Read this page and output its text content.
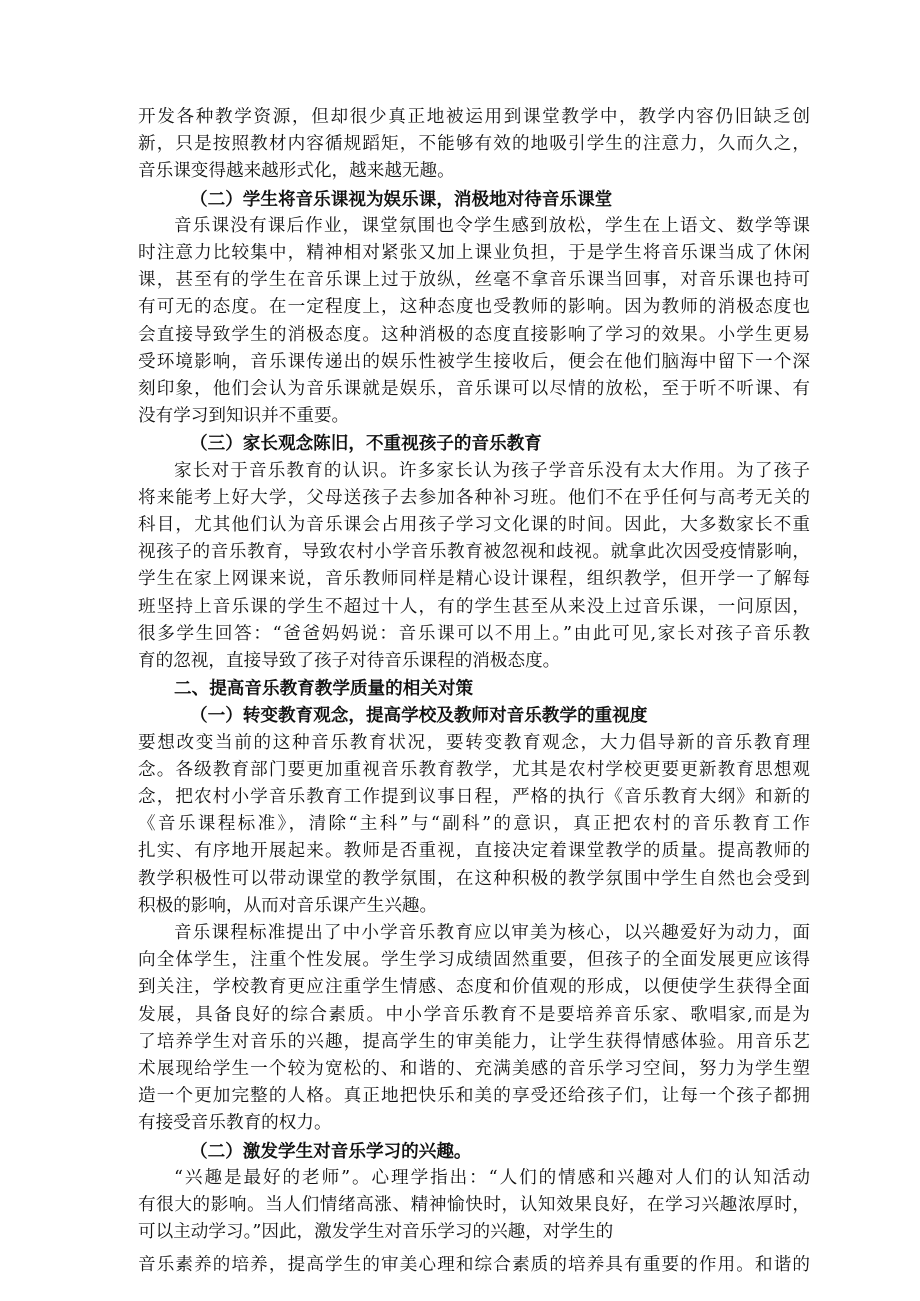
开发各种教学资源，但却很少真正地被运用到课堂教学中，教学内容仍旧缺乏创
新，只是按照教材内容循规蹈矩，不能够有效的地吸引学生的注意力，久而久之，
音乐课变得越来越形式化，越来越无趣。
（二）学生将音乐课视为娱乐课，消极地对待音乐课堂
音乐课没有课后作业，课堂氛围也令学生感到放松，学生在上语文、数学等课
时注意力比较集中，精神相对紧张又加上课业负担，于是学生将音乐课当成了休闲
课，甚至有的学生在音乐课上过于放纵，丝毫不拿音乐课当回事，对音乐课也持可
有可无的态度。在一定程度上，这种态度也受教师的影响。因为教师的消极态度也
会直接导致学生的消极态度。这种消极的态度直接影响了学习的效果。小学生更易
受环境影响，音乐课传递出的娱乐性被学生接收后，便会在他们脑海中留下一个深
刻印象，他们会认为音乐课就是娱乐，音乐课可以尽情的放松，至于听不听课、有
没有学习到知识并不重要。
（三）家长观念陈旧，不重视孩子的音乐教育
家长对于音乐教育的认识。许多家长认为孩子学音乐没有太大作用。为了孩子
将来能考上好大学，父母送孩子去参加各种补习班。他们不在乎任何与高考无关的
科目，尤其他们认为音乐课会占用孩子学习文化课的时间。因此，大多数家长不重
视孩子的音乐教育，导致农村小学音乐教育被忽视和歧视。就拿此次因受疫情影响，
学生在家上网课来说，音乐教师同样是精心设计课程，组织教学，但开学一了解每
班坚持上音乐课的学生不超过十人，有的学生甚至从来没上过音乐课，一问原因，
很多学生回答：“爸爸妈妈说：音乐课可以不用上。”由此可见,家长对孩子音乐教
育的忽视，直接导致了孩子对待音乐课程的消极态度。
二、提高音乐教育教学质量的相关对策
（一）转变教育观念，提高学校及教师对音乐教学的重视度
要想改变当前的这种音乐教育状况，要转变教育观念，大力倡导新的音乐教育理
念。各级教育部门要更加重视音乐教育教学，尤其是农村学校更要更新教育思想观
念，把农村小学音乐教育工作提到议事日程，严格的执行《音乐教育大纲》和新的
《音乐课程标准》，清除“主科”与“副科”的意识，真正把农村的音乐教育工作
扎实、有序地开展起来。教师是否重视，直接决定着课堂教学的质量。提高教师的
教学积极性可以带动课堂的教学氛围，在这种积极的教学氛围中学生自然也会受到
积极的影响，从而对音乐课产生兴趣。
音乐课程标准提出了中小学音乐教育应以审美为核心，以兴趣爱好为动力，面
向全体学生，注重个性发展。学生学习成绩固然重要，但孩子的全面发展更应该得
到关注，学校教育更应注重学生情感、态度和价值观的形成，以便使学生获得全面
发展，具备良好的综合素质。中小学音乐教育不是要培养音乐家、歌唱家,而是为
了培养学生对音乐的兴趣，提高学生的审美能力，让学生获得情感体验。用音乐艺
术展现给学生一个较为宽松的、和谐的、充满美感的音乐学习空间，努力为学生塑
造一个更加完整的人格。真正地把快乐和美的享受还给孩子们，让每一个孩子都拥
有接受音乐教育的权力。
（二）激发学生对音乐学习的兴趣。
“兴趣是最好的老师”。心理学指出：“人们的情感和兴趣对人们的认知活动
有很大的影响。当人们情绪高涨、精神愉快时，认知效果良好，在学习兴趣浓厚时，
可以主动学习。”因此，激发学生对音乐学习的兴趣，对学生的
音乐素养的培养，提高学生的审美心理和综合素质的培养具有重要的作用。和谐的
